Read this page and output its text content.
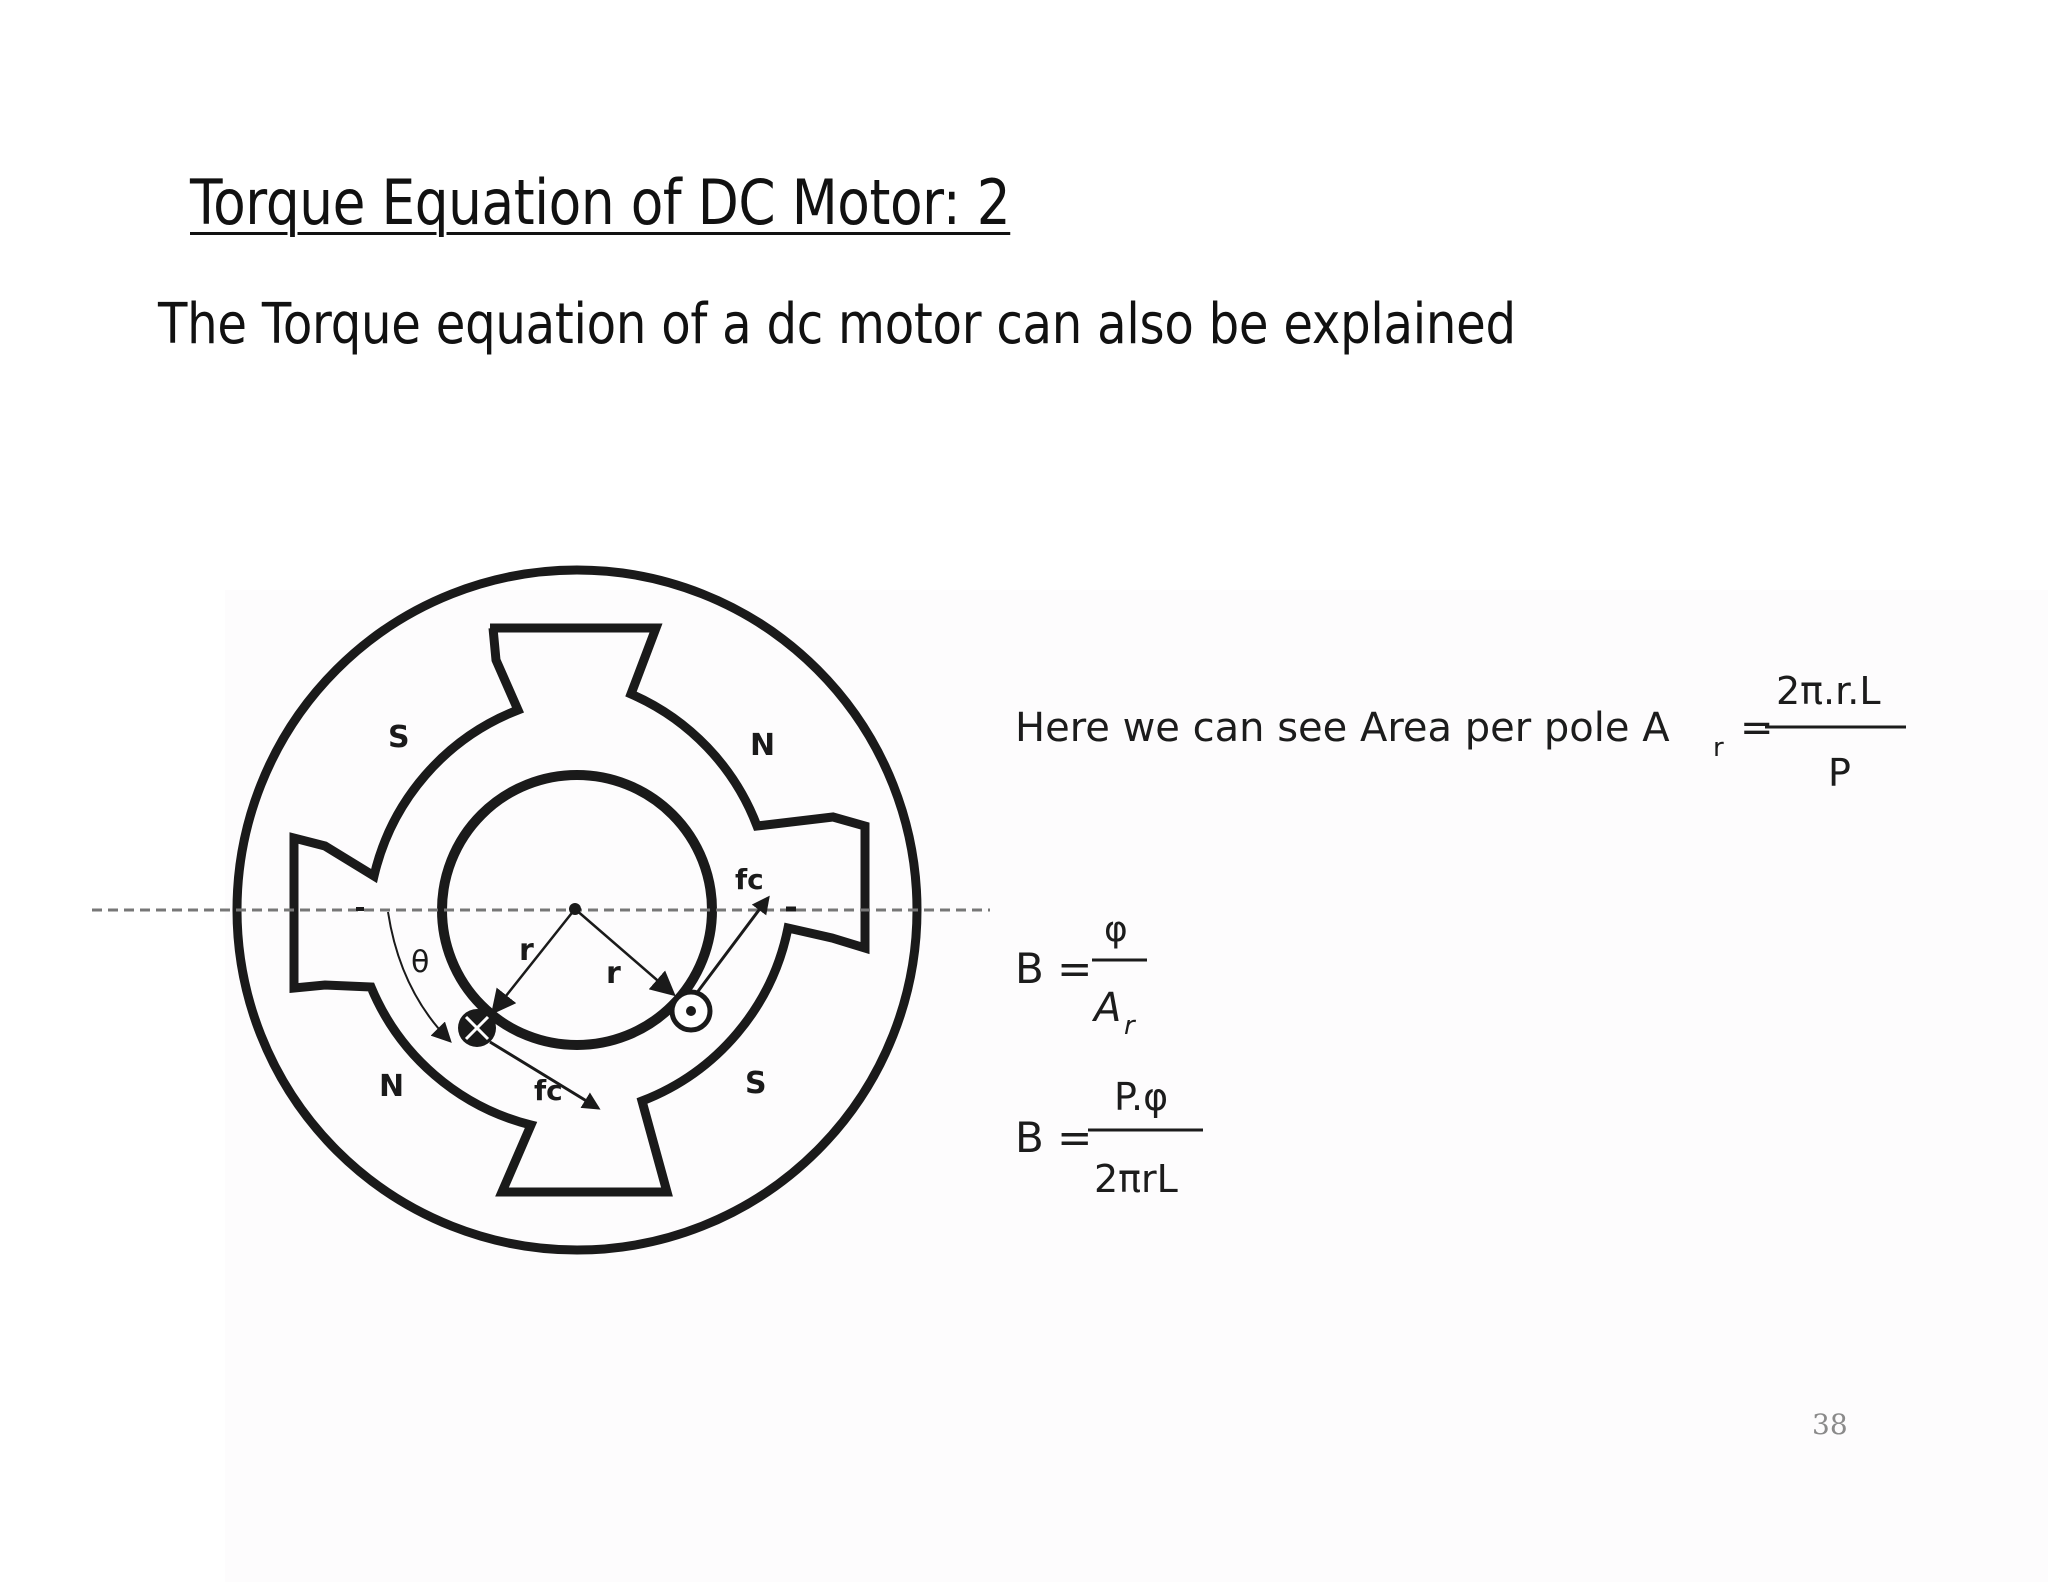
Torque Equation of DC Motor: 2
The Torque equation of a dc motor can also be explained
S	N
N	S
r
r
fc
fc
θ
Here we can see Area per pole A r =
2π.r.L
P
B =
φ
A r
B =
P.φ
2πrL
38
